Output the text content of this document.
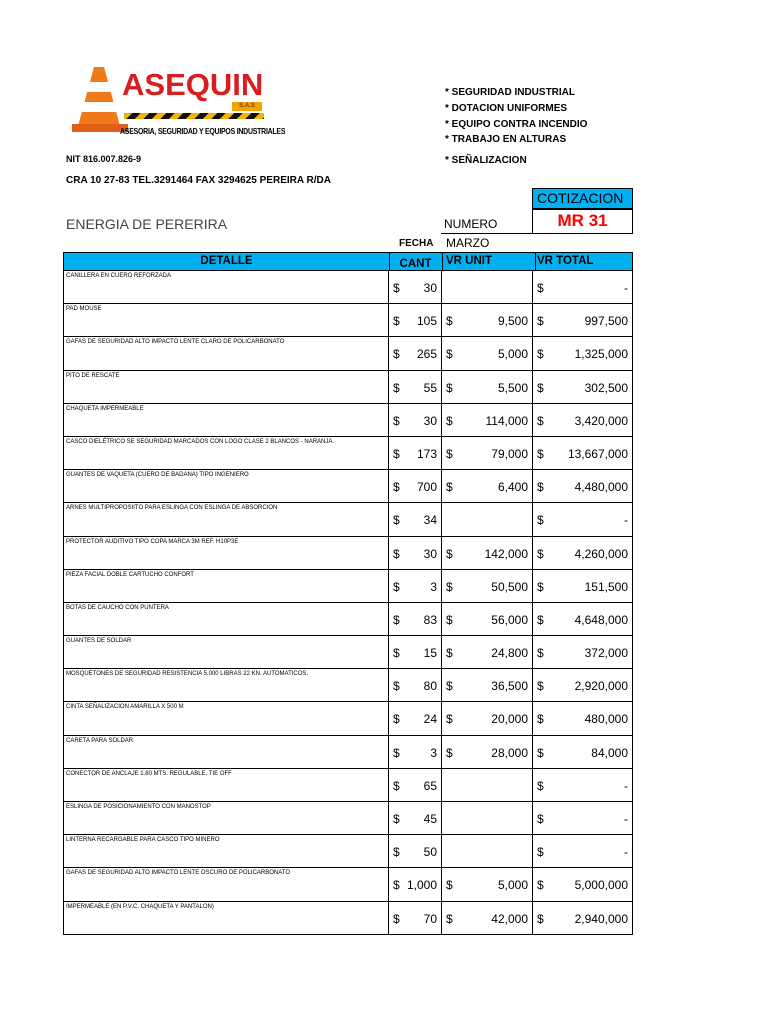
ASEQUIN
S.A.S
ASESORIA, SEGURIDAD Y EQUIPOS INDUSTRIALES
* SEGURIDAD INDUSTRIAL
* DOTACION UNIFORMES
* EQUIPO CONTRA INCENDIO
* TRABAJO EN ALTURAS
* SEÑALIZACION
NIT 816.007.826-9
CRA 10 27-83 TEL.3291464 FAX 3294625 PEREIRA R/DA
COTIZACION
NUMERO	MR 31
ENERGIA DE PERERIRA
FECHA MARZO
DETALLE	CANT	VR UNIT	VR TOTAL
CANILLERA EN CUERO REFORZADA
$ 30	$	-
PAD MOUSE
$ 105 $	9,500 $	997,500
GAFAS DE SEGURIDAD ALTO IMPACTO LENTE CLARO DE POLICARBONATO
$ 265 $	5,000 $	1,325,000
PITO DE RESCATE
$ 55 $	5,500 $	302,500
CHAQUETA IMPERMEABLE
$ 30 $	114,000 $	3,420,000
CASCO DIELÉTRICO SE SEGURIDAD MARCADOS CON LOGO CLASE 2 BLANCOS - NARANJA.
$ 173 $	79,000 $ 13,667,000
GUANTES DE VAQUETA (CUERO DE BADANA) TIPO INGENIERO
$ 700 $	6,400 $	4,480,000
ARNES MULTIPROPOSIITO PARA ESLINGA CON ESLINGA DE ABSORCION
$ 34	$	-
PROTECTOR AUDITIVO TIPO COPA MARCA 3M REF. H10P3E
$ 30 $	142,000 $	4,260,000
PIEZA FACIAL DOBLE CARTUCHO CONFORT
$	3 $	50,500 $	151,500
BOTAS DE CAUCHO CON PUNTERA
$ 83 $	56,000 $	4,648,000
GUANTES DE SOLDAR
$ 15 $	24,800 $	372,000
MOSQUETONES DE SEGURIDAD RESISTENCIA 5.000 LIBRAS 22 KN. AUTOMATICOS.
$ 80 $	36,500 $	2,920,000
CINTA SEÑALIZACION AMARILLA X 500 M
$ 24 $	20,000 $	480,000
CARETA PARA SOLDAR
$	3 $	28,000 $	84,000
CONECTOR DE ANCLAJE 1.80 MTS. REGULABLE. TIE OFF
$ 65	$	-
ESLINGA DE POSICIONAMIENTO CON MANOSTOP
$ 45	$	-
LINTERNA RECARGABLE PARA CASCO TIPO MINERO
$ 50	$	-
GAFAS DE SEGURIDAD ALTO IMPACTO LENTE OSCURO DE POLICARBONATO
$ 1,000 $	5,000 $	5,000,000
IMPERMEABLE (EN P.V.C. CHAQUETA Y PANTALON)
$ 70 $	42,000 $	2,940,000
